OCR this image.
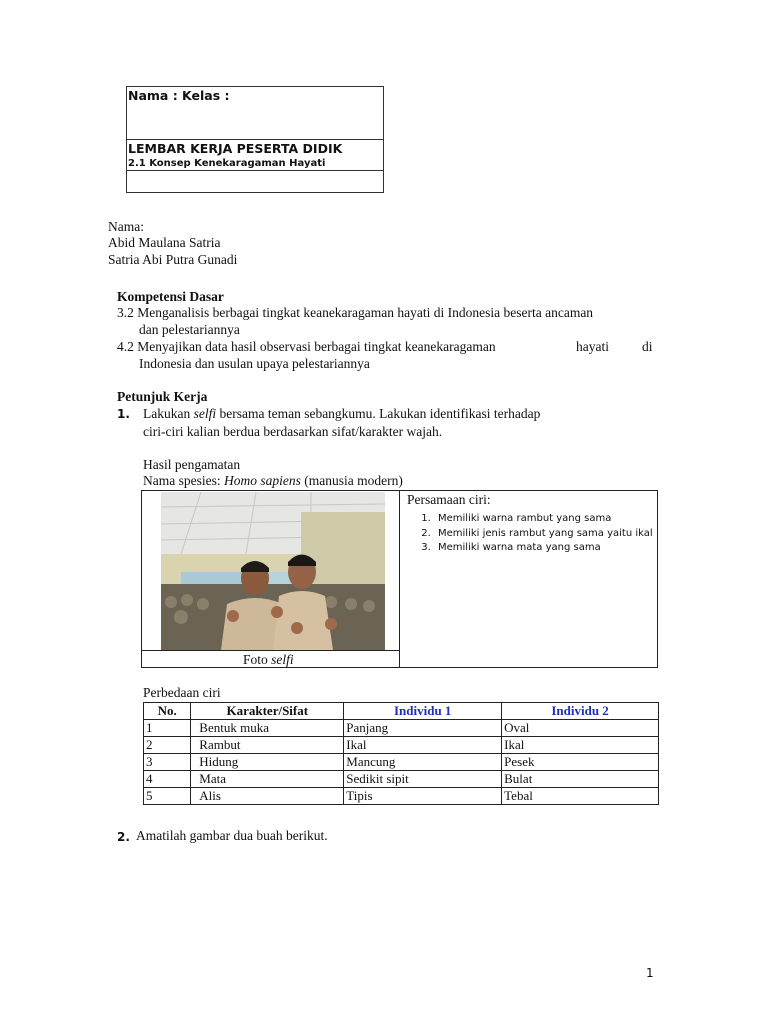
Nama : Kelas :
LEMBAR KERJA PESERTA DIDIK
2.1 Konsep Kenekaragaman Hayati
Nama:
Abid Maulana Satria
Satria Abi Putra Gunadi
Kompetensi Dasar
3.2 Menganalisis berbagai tingkat keanekaragaman hayati di Indonesia beserta ancaman
dan pelestariannya
4.2 Menyajikan data hasil observasi berbagai tingkat keanekaragaman	hayati di
Indonesia dan usulan upaya pelestariannya
Petunjuk Kerja
1. Lakukan selfi bersama teman sebangkumu. Lakukan identifikasi terhadap
ciri-ciri kalian berdua berdasarkan sifat/karakter wajah.
Hasil pengamatan
Nama spesies: Homo sapiens (manusia modern)
Foto selfi
Persamaan ciri:
1. Memiliki warna rambut yang sama
2. Memiliki jenis rambut yang sama yaitu ikal
3. Memiliki warna mata yang sama
Perbedaan ciri
No.	Karakter/Sifat	Individu 1	Individu 2
1	Bentuk muka	Panjang	Oval
2	Rambut	Ikal	Ikal
3	Hidung	Mancung	Pesek
4	Mata	Sedikit sipit	Bulat
5	Alis	Tipis	Tebal
2. Amatilah gambar dua buah berikut.
1
